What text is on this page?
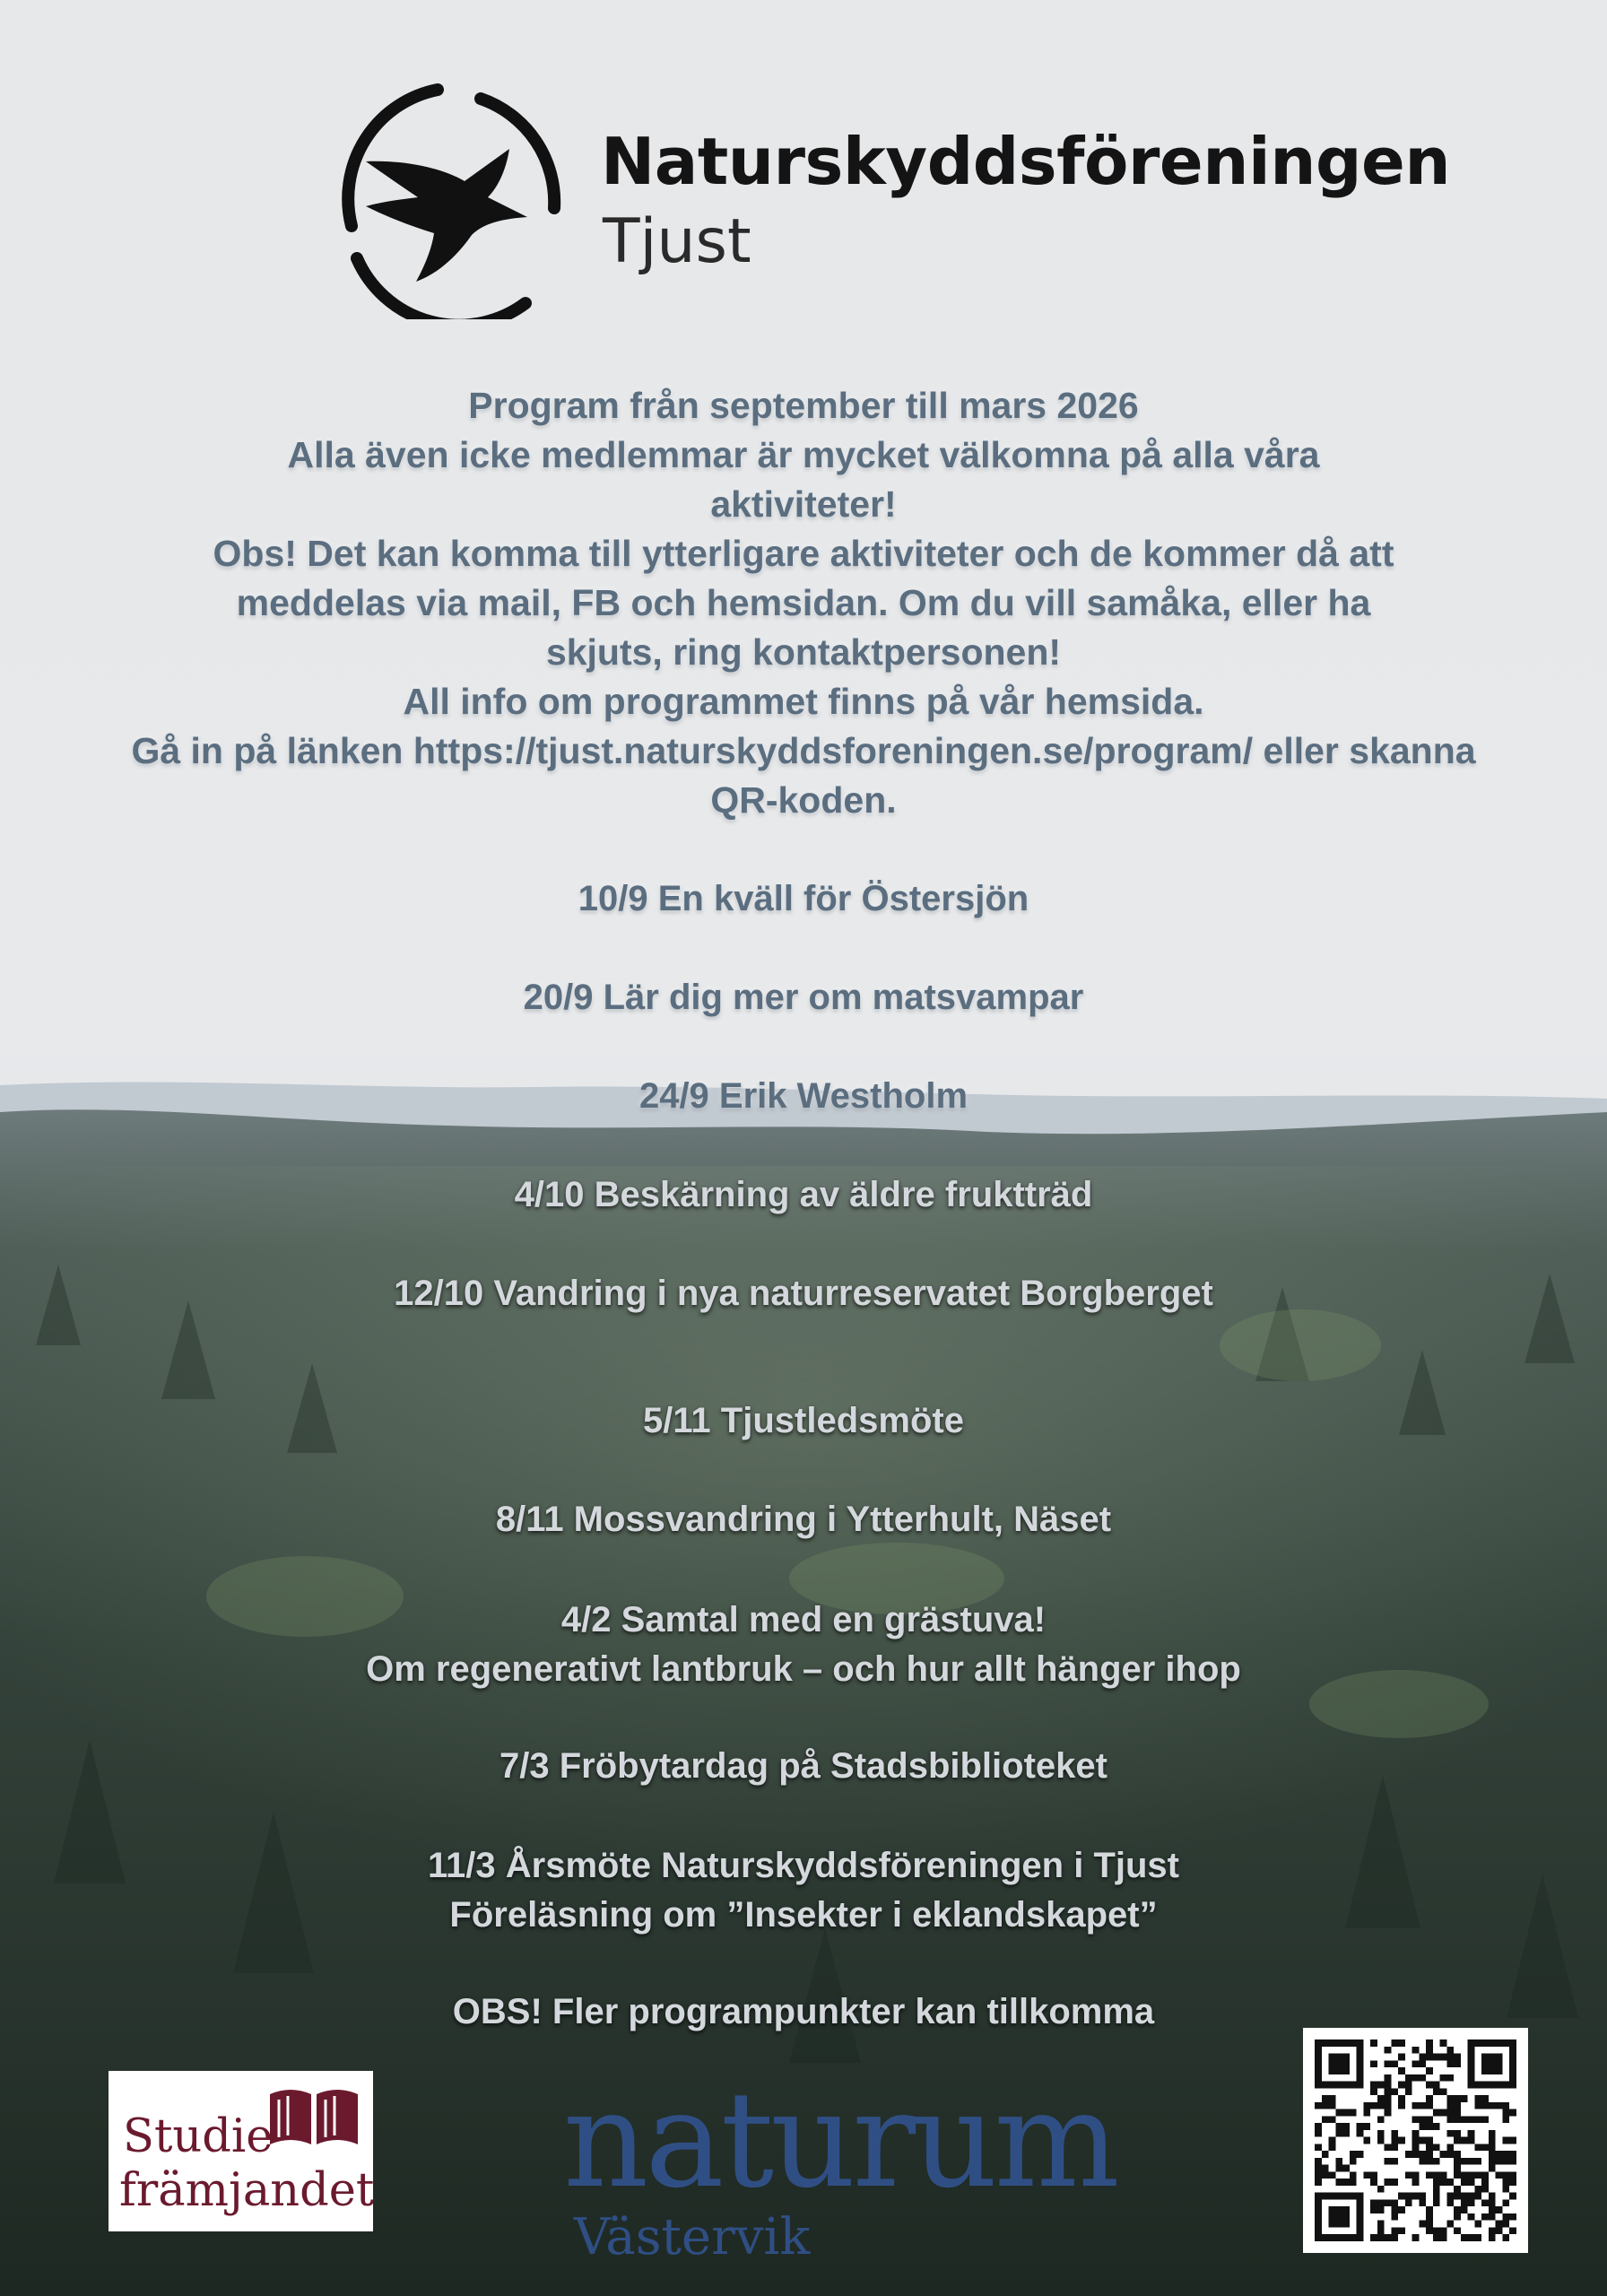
Naturskyddsföreningen
Tjust

Program från september till mars 2026

Alla även icke medlemmar är mycket välkomna på alla våra

aktiviteter!

Obs! Det kan komma till ytterligare aktiviteter och de kommer då att

meddelas via mail, FB och hemsidan. Om du vill samåka, eller ha

skjuts, ring kontaktpersonen!

All info om programmet finns på vår hemsida.

Gå in på länken https://tjust.naturskyddsforeningen.se/program/ eller skanna

QR-koden.

10/9 En kväll för Östersjön

20/9 Lär dig mer om matsvampar

24/9 Erik Westholm

4/10 Beskärning av äldre fruktträd

12/10 Vandring i nya naturreservatet Borgberget

5/11 Tjustledsmöte

8/11 Mossvandring i Ytterhult, Näset

4/2 Samtal med en grästuva!

Om regenerativt lantbruk – och hur allt hänger ihop

7/3 Fröbytardag på Stadsbiblioteket

11/3 Årsmöte Naturskyddsföreningen i Tjust

Föreläsning om ”Insekter i eklandskapet”

OBS! Fler programpunkter kan tillkomma

Studie
främjandet naturum
Västervik
